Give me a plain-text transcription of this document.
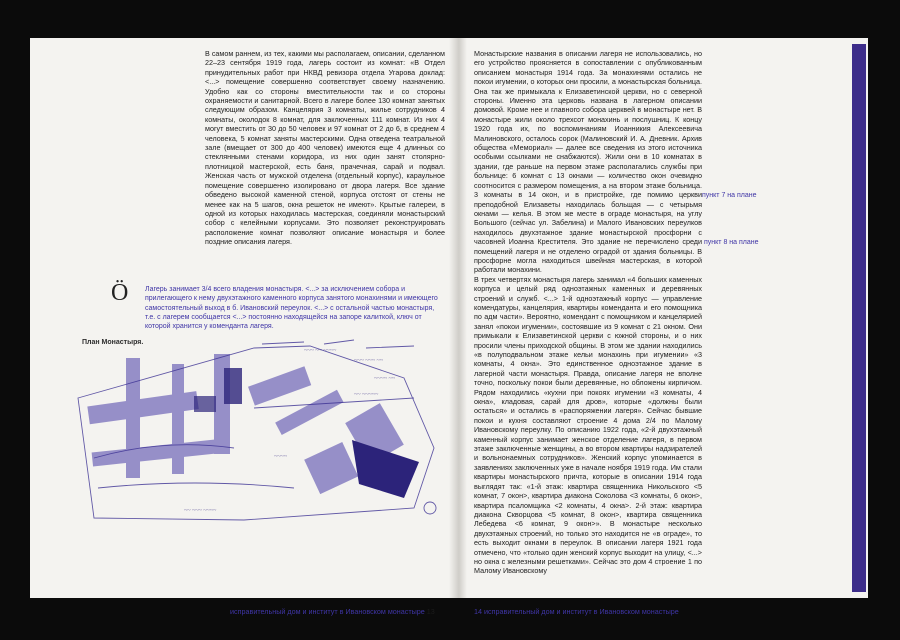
В самом раннем, из тех, какими мы располагаем, описании, сделанном 22–23 сентября 1919 года, лагерь состоит из комнат: «В Отдел принудительных работ при НКВД ревизора отдела Угарова доклад: <...> помещение совершенно соответствует своему назначению. Удобно как со стороны вместительности так и со стороны охраняемости и санитарной. Всего в лагере более 130 комнат занятых следующим образом. Канцелярия 3 комнаты, жилье сотрудников 4 комнаты, околодок 8 комнат, для заключенных 111 комнат. Из них 4 могут вместить от 30 до 50 человек и 97 комнат от 2 до 6, в среднем 4 человека, 5 комнат заняты мастерскими. Одна отведена театральной зале (вмещает от 300 до 400 человек) имеются еще 4 длинных со стеклянными стенами коридора, из них один занят столярно-плотницкой мастерской, есть баня, прачечная, сарай и подвал. Женская часть от мужской отделена (отдельный корпус), караульное помещение совершенно изолировано от двора лагеря. Все здание обведено высокой каменной стеной, корпуса отстоят от стены не менее как на 5 шагов, окна решеток не имеют». Крытые галереи, в одной из которых находилась мастерская, соединяли монастырский собор с келейными корпусами. Это позволяет реконструировать расположение комнат позволяют описание монастыря и более поздние описания лагеря.

Ö Лагерь занимает 3/4 всего владения монастыря. <...> за исключением собора и прилегающего к нему двухэтажного каменного корпуса занятого монахинями и имеющего самостоятельный выход в б. Ивановский переулок. <...> с остальной частью монастыря, т.е. с лагерем сообщается <...> постоянно находящейся на запоре калиткой, ключ от которой хранится у коменданта лагеря.

План Монастыря.
~~~ ~~ ~~~~
~~~ ~~~ ~~
~~~~ ~~
~~ ~~~~~
~~~~
~~ ~~~ ~~~~
исправительный дом и институт в Ивановском монастыре 13

Монастырские названия в описании лагеря не использовались, но его устройство проясняется в сопоставлении с опубликованным описанием монастыря 1914 года. За монахинями остались не покои игумении, о которых они просили, а монастырская больница. Она так же примыкала к Елизаветинской церкви, но с северной стороны. Именно эта церковь названа в лагерном описании домовой. Кроме нее и главного собора церквей в монастыре нет. В монастыре жили около трехсот монахинь и послушниц. К концу 1920 года их, по воспоминаниям Иоанникия Алексеевича Малиновского, осталось сорок (Малиновский И. А. Дневник. Архив общества «Мемориал» — далее все сведения из этого источника особыми ссылками не снабжаются). Жили они в 10 комнатах в здании, где раньше на первом этаже располагались службы при больнице: 6 комнат с 13 окнами — количество окон очевидно соотносится с размером помещения, а на втором этаже больница. 3 комнаты в 14 окон, и в пристройке, где помимо церкви преподобной Елизаветы находилась больщая — с четырьмя окнами — келья. В этом же месте в ограде монастыря, на углу Большого (сейчас ул. Забелина) и Малого Ивановских переулков находилось двухэтажное здание монастырской просфорни с часовней Иоанна Крестителя. Это здание не перечислено среди помещений лагеря и не отделено оградой от здания больницы. В просфорне могла находиться швейная мастерская, в которой работали монахини.

В трех четвертях монастыря лагерь занимал «4 больших каменных корпуса и целый ряд одноэтажных каменных и деревянных строений и служб. <...> 1-й одноэтажный корпус — управление комендатуры, канцелярия, квартиры коменданта и его помощника по адм части». Вероятно, комендант с помощником и канцелярией занял «покои игумении», состоявшие из 9 комнат с 21 окном. Они примыкали к Елизаветинской церкви с южной стороны, и о них просили члены приходской общины. В этом же здании находились «в полуподвальном этаже кельи монахинь при игумении» «3 комнаты, 4 окна». Это единственное одноэтажное здание в лагерной части монастыря. Правда, описание лагеря не вполне точно, поскольку покои были деревянные, но обложены кирпичом. Рядом находились «кухни при покоях игумении «3 комнаты, 4 окна», кладовая, сарай для дров», которые «должны были остаться» и остались в «распоряжении лагеря». Сейчас бывшие покои и кухня составляют строение 4 дома 2/4 по Малому Ивановскому переулку. По описанию 1922 года, «2-й двухэтажный каменный корпус занимает женское отделение лагеря, в первом этаже заключенные женщины, а во втором квартиры надзирателей и вольнонаемных сотрудников». Женский корпус упоминается в заявлениях заключенных уже в начале ноября 1919 года. Им стали квартиры монастырского причта, которые в описании 1914 года выглядят так: «1-й этаж: квартира священника Никольского <5 комнат, 7 окон>, квартира диакона Соколова <3 комнаты, 6 окон>, квартира псаломщика <2 комнаты, 4 окна>. 2-й этаж: квартира диакона Скворцова <5 комнат, 8 окон>, квартира священника Лебедева <6 комнат, 9 окон>». В монастыре несколько двухэтажных строений, но только это находится не «в ограде», то есть выходит окнами в переулок. В описании лагеря 1921 года отмечено, что «только один женский корпус выходит на улицу, <...> но окна с железными решетками». Сейчас это дом 4 строение 1 по Малому Ивановскому

пункт 7 на плане
пункт 8 на плане
14 исправительный дом и институт в Ивановском монастыре
